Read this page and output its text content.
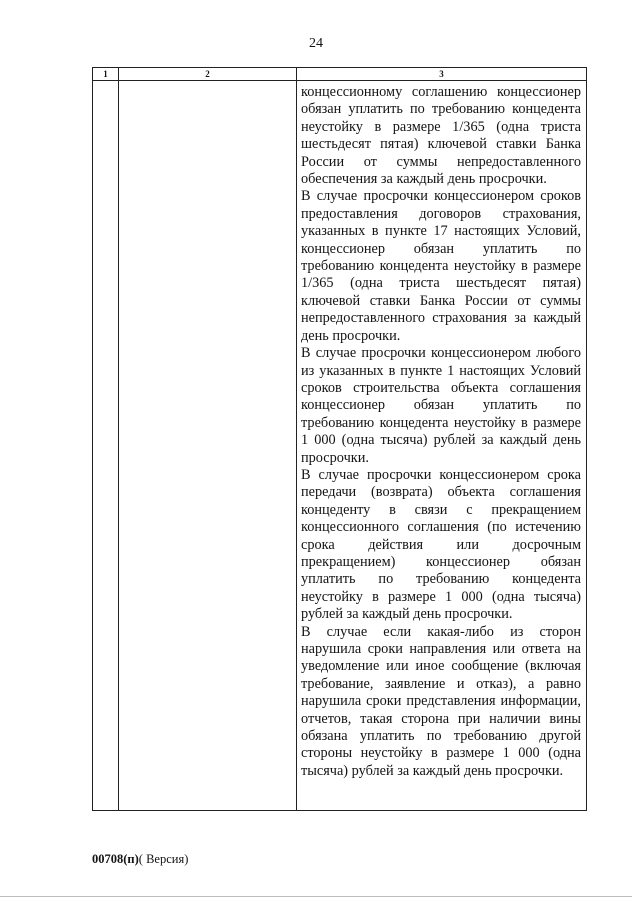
24
1	2	3

		концессионному соглашению концессионер обязан уплатить по требованию концедента неустойку в размере 1/365 (одна триста шестьдесят пятая) ключевой ставки Банка России от суммы непредоставленного обеспечения за каждый день просрочки.

В случае просрочки концессионером сроков предоставления договоров страхования, указанных в пункте 17 настоящих Условий, концессионер обязан уплатить по требованию концедента неустойку в размере 1/365 (одна триста шестьдесят пятая) ключевой ставки Банка России от суммы непредоставленного страхования за каждый день просрочки.

В случае просрочки концессионером любого из указанных в пункте 1 настоящих Условий сроков строительства объекта соглашения концессионер обязан уплатить по требованию концедента неустойку в размере 1 000 (одна тысяча) рублей за каждый день просрочки.

В случае просрочки концессионером срока передачи (возврата) объекта соглашения концеденту в связи с прекращением концессионного соглашения (по истечению срока действия или досрочным прекращением) концессионер обязан уплатить по требованию концедента неустойку в размере 1 000 (одна тысяча) рублей за каждый день просрочки.

В случае если какая-либо из сторон нарушила сроки направления или ответа на уведомление или иное сообщение (включая требование, заявление и отказ), а равно нарушила сроки представления информации, отчетов, такая сторона при наличии вины обязана уплатить по требованию другой стороны неустойку в размере 1 000 (одна тысяча) рублей за каждый день просрочки.

00708(п)( Версия)
